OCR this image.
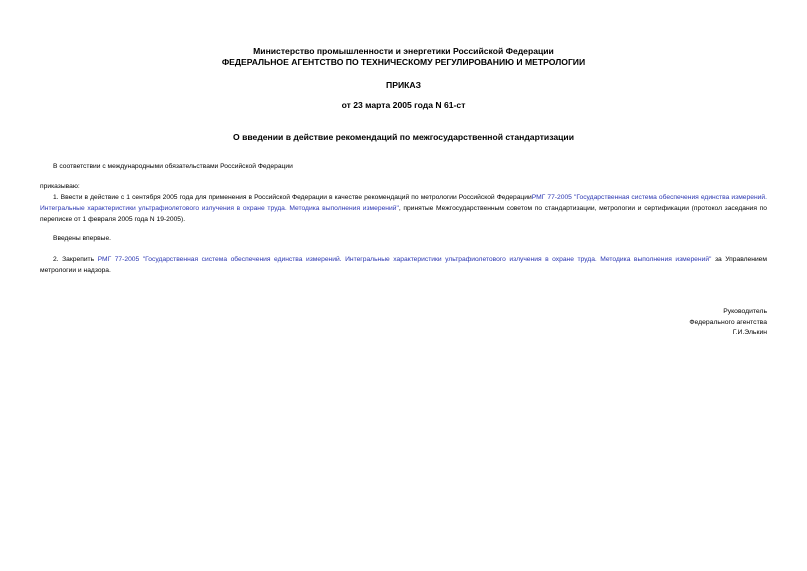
Министерство промышленности и энергетики Российской Федерации
ФЕДЕРАЛЬНОЕ АГЕНТСТВО ПО ТЕХНИЧЕСКОМУ РЕГУЛИРОВАНИЮ И МЕТРОЛОГИИ
ПРИКАЗ
от 23 марта 2005 года N 61-ст
О введении в действие рекомендаций по межгосударственной стандартизации
В соответствии с международными обязательствами Российской Федерации
приказываю:
1. Ввести в действие с 1 сентября 2005 года для применения в Российской Федерации в качестве рекомендаций по метрологии Российской ФедерацииРМГ 77-2005 "Государственная система обеспечения единства измерений. Интегральные характеристики ультрафиолетового излучения в охране труда. Методика выполнения измерений", принятые Межгосударственным советом по стандартизации, метрологии и сертификации (протокол заседания по переписке от 1 февраля 2005 года N 19-2005).
Введены впервые.
2. Закрепить РМГ 77-2005 "Государственная система обеспечения единства измерений. Интегральные характеристики ультрафиолетового излучения в охране труда. Методика выполнения измерений" за Управлением метрологии и надзора.
Руководитель
Федерального агентства
Г.И.Элькин
